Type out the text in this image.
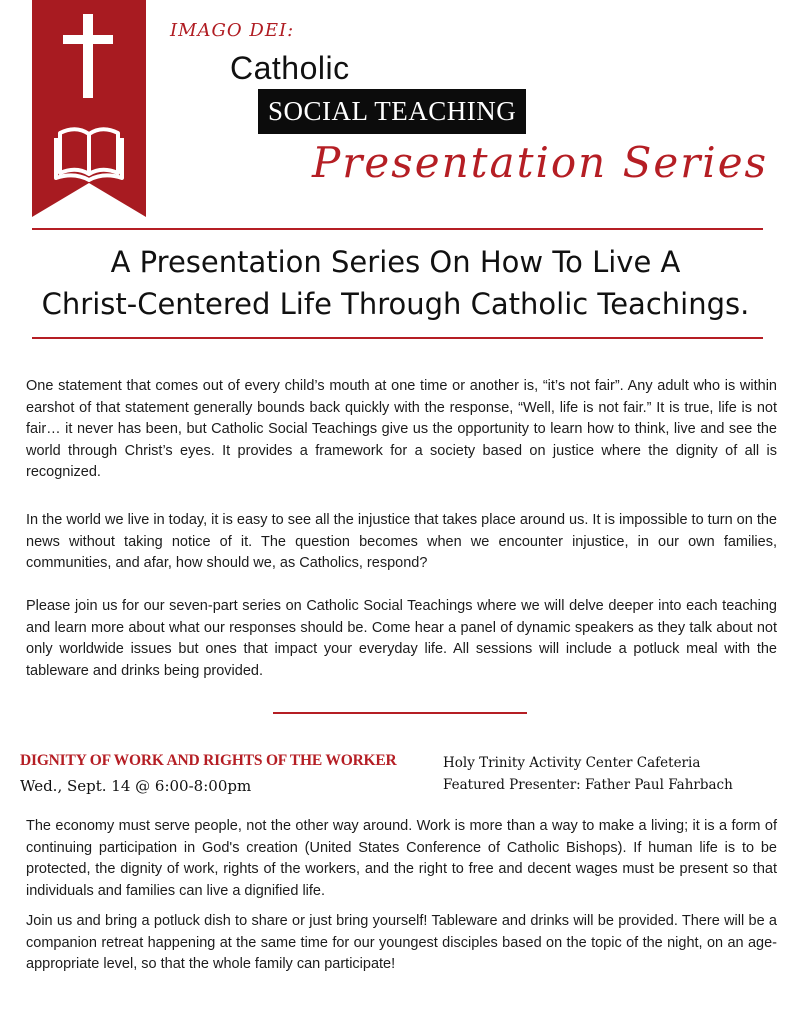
IMAGO DEI:
Catholic
SOCIAL TEACHING
Presentation Series
A Presentation Series On How To Live A
Christ-Centered Life Through Catholic Teachings.
One statement that comes out of every child’s mouth at one time or another is, “it’s not fair”. Any adult who is within earshot of that statement generally bounds back quickly with the response, “Well, life is not fair.” It is true, life is not fair… it never has been, but Catholic Social Teachings give us the opportunity to learn how to think, live and see the world through Christ’s eyes. It provides a framework for a society based on justice where the dignity of all is recognized.
In the world we live in today, it is easy to see all the injustice that takes place around us. It is impossible to turn on the news without taking notice of it. The question becomes when we encounter injustice, in our own families, communities, and afar, how should we, as Catholics, respond?
Please join us for our seven-part series on Catholic Social Teachings where we will delve deeper into each teaching and learn more about what our responses should be. Come hear a panel of dynamic speakers as they talk about not only worldwide issues but ones that impact your everyday life. All sessions will include a potluck meal with the tableware and drinks being provided.
DIGNITY OF WORK AND RIGHTS OF THE WORKER
Wed., Sept. 14 @ 6:00-8:00pm
Holy Trinity Activity Center Cafeteria
Featured Presenter: Father Paul Fahrbach
The economy must serve people, not the other way around. Work is more than a way to make a living; it is a form of continuing participation in God's creation (United States Conference of Catholic Bishops). If human life is to be protected, the dignity of work, rights of the workers, and the right to free and decent wages must be present so that individuals and families can live a dignified life.
Join us and bring a potluck dish to share or just bring yourself! Tableware and drinks will be provided. There will be a companion retreat happening at the same time for our youngest disciples based on the topic of the night, on an age-appropriate level, so that the whole family can participate!
